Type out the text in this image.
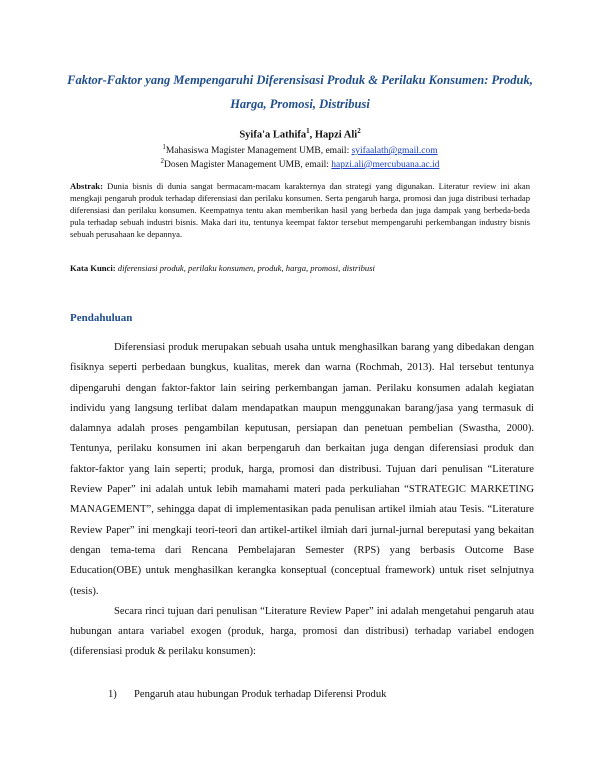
Faktor-Faktor yang Mempengaruhi Diferensisasi Produk & Perilaku Konsumen: Produk, Harga, Promosi, Distribusi
Syifa'a Lathifa$^1$, Hapzi Ali$^2$
$^1$Mahasiswa Magister Management UMB, email: syifaalath@gmail.com
$^2$Dosen Magister Management UMB, email: hapzi.ali@mercubuana.ac.id
Abstrak: Dunia bisnis di dunia sangat bermacam-macam karakternya dan strategi yang digunakan. Literatur review ini akan mengkaji pengaruh produk terhadap diferensiasi dan perilaku konsumen. Serta pengaruh harga, promosi dan juga distribusi terhadap diferensiasi dan perilaku konsumen. Keempatnya tentu akan memberikan hasil yang berbeda dan juga dampak yang berbeda-beda pula terhadap sebuah industri bisnis. Maka dari itu, tentunya keempat faktor tersebut mempengaruhi perkembangan industry bisnis sebuah perusahaan ke depannya.
Kata Kunci: diferensiasi produk, perilaku konsumen, produk, harga, promosi, distribusi
Pendahuluan

Diferensiasi produk merupakan sebuah usaha untuk menghasilkan barang yang dibedakan dengan fisiknya seperti perbedaan bungkus, kualitas, merek dan warna (Rochmah, 2013). Hal tersebut tentunya dipengaruhi dengan faktor-faktor lain seiring perkembangan jaman. Perilaku konsumen adalah kegiatan individu yang langsung terlibat dalam mendapatkan maupun menggunakan barang/jasa yang termasuk di dalamnya adalah proses pengambilan keputusan, persiapan dan penetuan pembelian (Swastha, 2000). Tentunya, perilaku konsumen ini akan berpengaruh dan berkaitan juga dengan diferensiasi produk dan faktor-faktor yang lain seperti; produk, harga, promosi dan distribusi. Tujuan dari penulisan “Literature Review Paper” ini adalah untuk lebih mamahami materi pada perkuliahan “STRATEGIC MARKETING MANAGEMENT”, sehingga dapat di implementasikan pada penulisan artikel ilmiah atau Tesis. “Literature Review Paper” ini mengkaji teori-teori dan artikel-artikel ilmiah dari jurnal-jurnal bereputasi yang bekaitan dengan tema-tema dari Rencana Pembelajaran Semester (RPS) yang berbasis Outcome Base Education(OBE) untuk menghasilkan kerangka konseptual (conceptual framework) untuk riset selnjutnya (tesis).

Secara rinci tujuan dari penulisan “Literature Review Paper” ini adalah mengetahui pengaruh atau hubungan antara variabel exogen (produk, harga, promosi dan distribusi) terhadap variabel endogen (diferensiasi produk & perilaku konsumen):

1) Pengaruh atau hubungan Produk terhadap Diferensi Produk
